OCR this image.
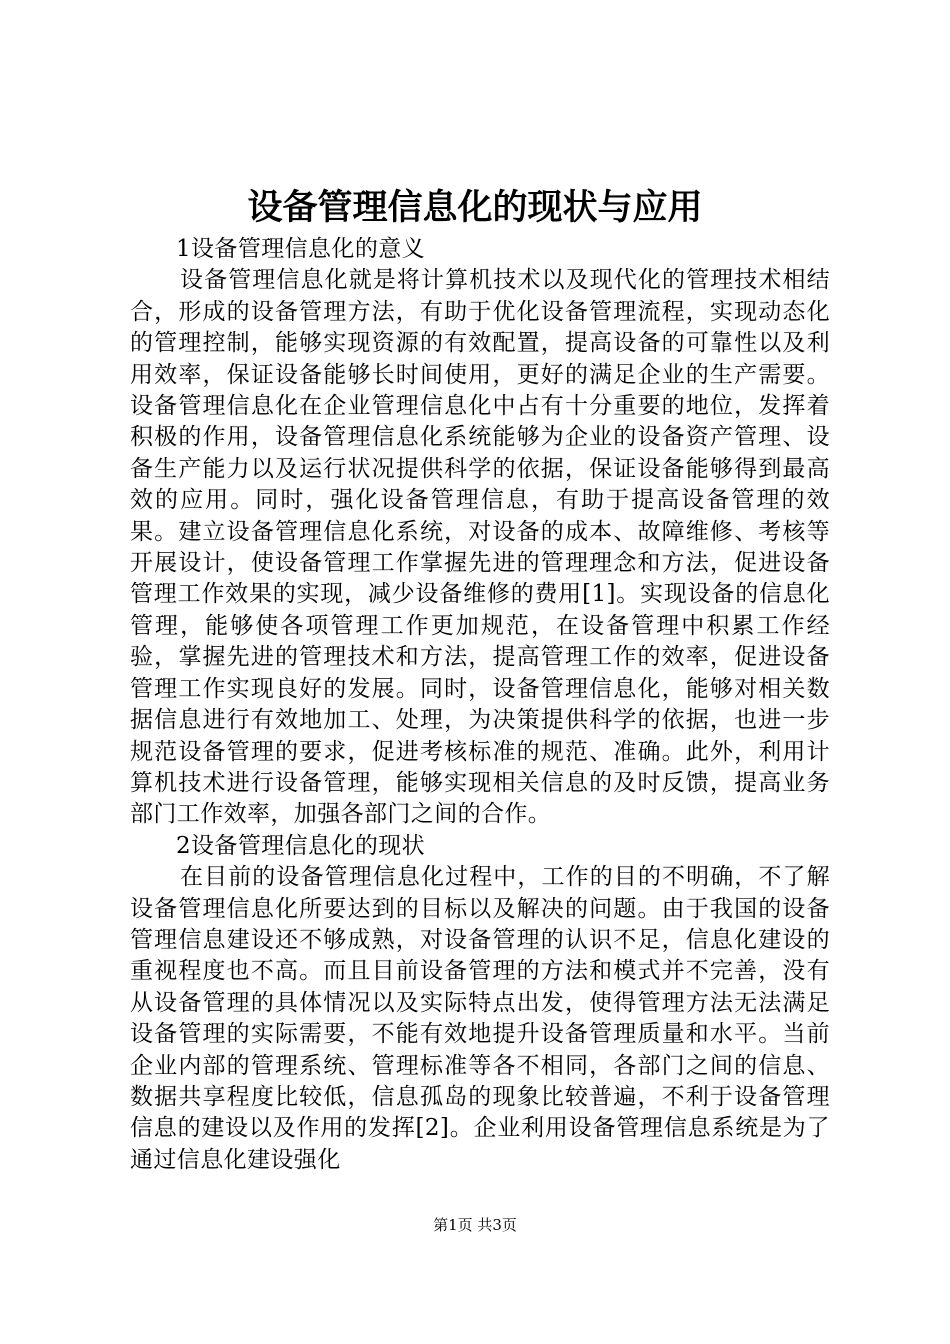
设备管理信息化的现状与应用
1设备管理信息化的意义

设备管理信息化就是将计算机技术以及现代化的管理技术相结合，形成的设备管理方法，有助于优化设备管理流程，实现动态化的管理控制，能够实现资源的有效配置，提高设备的可靠性以及利用效率，保证设备能够长时间使用，更好的满足企业的生产需要。设备管理信息化在企业管理信息化中占有十分重要的地位，发挥着积极的作用，设备管理信息化系统能够为企业的设备资产管理、设备生产能力以及运行状况提供科学的依据，保证设备能够得到最高效的应用。同时，强化设备管理信息，有助于提高设备管理的效果。建立设备管理信息化系统，对设备的成本、故障维修、考核等开展设计，使设备管理工作掌握先进的管理理念和方法，促进设备管理工作效果的实现，减少设备维修的费用[1]。实现设备的信息化管理，能够使各项管理工作更加规范，在设备管理中积累工作经验，掌握先进的管理技术和方法，提高管理工作的效率，促进设备管理工作实现良好的发展。同时，设备管理信息化，能够对相关数据信息进行有效地加工、处理，为决策提供科学的依据，也进一步规范设备管理的要求，促进考核标准的规范、准确。此外，利用计算机技术进行设备管理，能够实现相关信息的及时反馈，提高业务部门工作效率，加强各部门之间的合作。

2设备管理信息化的现状

在目前的设备管理信息化过程中，工作的目的不明确，不了解设备管理信息化所要达到的目标以及解决的问题。由于我国的设备管理信息建设还不够成熟，对设备管理的认识不足，信息化建设的重视程度也不高。而且目前设备管理的方法和模式并不完善，没有从设备管理的具体情况以及实际特点出发，使得管理方法无法满足设备管理的实际需要，不能有效地提升设备管理质量和水平。当前企业内部的管理系统、管理标准等各不相同，各部门之间的信息、数据共享程度比较低，信息孤岛的现象比较普遍，不利于设备管理信息的建设以及作用的发挥[2]。企业利用设备管理信息系统是为了通过信息化建设强化

第1页 共3页
